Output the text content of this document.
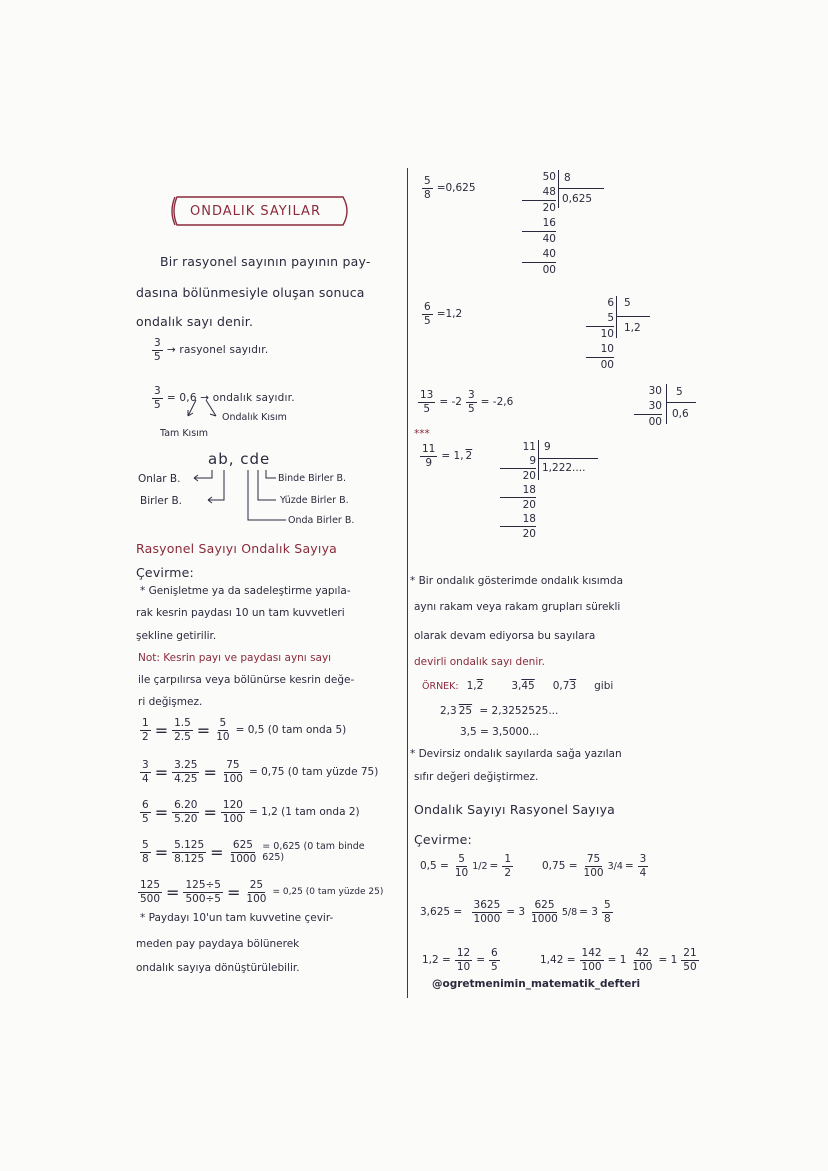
ONDALIK SAYILAR
Bir rasyonel sayının payının pay-
dasına bölünmesiyle oluşan sonuca
ondalık sayı denir.
$\frac{3}{5}$ → rasyonel sayıdır.
$\frac{3}{5} = 0,6$ → ondalık sayıdır.
Ondalık Kısım
Tam Kısım
ab, cde
Onlar B.
Birler B.
Binde Birler B.
Yüzde Birler B.
Onda Birler B.
Rasyonel Sayıyı Ondalık Sayıya
Çevirme:
* Genişletme ya da sadeleştirme yapıla-
rak kesrin paydası 10 un tam kuvvetleri
şekline getirilir.
Not: Kesrin payı ve paydası aynı sayı
ile çarpılırsa veya bölünürse kesrin değe-
ri değişmez.
$\frac{1}{2} = \frac{1.5}{2.5} = \frac{5}{10} = 0,5$ (0 tam onda 5)
$\frac{3}{4} = \frac{3.25}{4.25} = \frac{75}{100} = 0,75$ (0 tam yüzde 75)
$\frac{6}{5} = \frac{6.20}{5.20} = \frac{120}{100} = 1,2$ (1 tam onda 2)
$\frac{5}{8} = \frac{5.125}{8.125} = \frac{625}{1000} = 0,625$ (0 tam binde 625)
$\frac{125}{500} = \frac{125\div 5}{500\div 5} = \frac{25}{100} = 0,25$ (0 tam yüzde 25)
* Paydayı 10'un tam kuvvetine çevir-
meden pay paydaya bölünerek
ondalık sayıya dönüştürülebilir.
$\frac{5}{8} =0,625$
50
48
20
16
40
40
00
8
0,625
$\frac{6}{5} =1,2$
6
5
10
10
00
5
1,2
$\frac{13}{5} = -2 \frac{3}{5} = -2,6$
30
30
00
5
0,6
***
$\frac{11}{9} = 1$, 2
11
9
20
18
20
18
20
9
1,222....
* Bir ondalık gösterimde ondalık kısımda
aynı rakam veya rakam grupları sürekli
olarak devam ediyorsa bu sayılara
devirli ondalık sayı denir.
ÖRNEK: 1,2	3,45 0,73 gibi
2,3 25
= 2,3252525...
3,5 = 3,5000...
* Devirsiz ondalık sayılarda sağa yazılan
sıfır değeri değiştirmez.
Ondalık Sayıyı Rasyonel Sayıya
Çevirme:
$0,5 = \frac{5}{10} 1/2 = \frac{1}{2}$	$0,75 = \frac{75}{100} 3/4 = \frac{3}{4}$
3,625 =
$\frac{3625}{1000} = 3 \frac{625}{1000} 5/8 = 3 \frac{5}{8}$
$1,2 = \frac{12}{10} = \frac{6}{5}$	$1,42 = \frac{142}{100} = 1 \frac{42}{100} = 1 \frac{21}{50}$
@ogretmenimin_matematik_defteri
